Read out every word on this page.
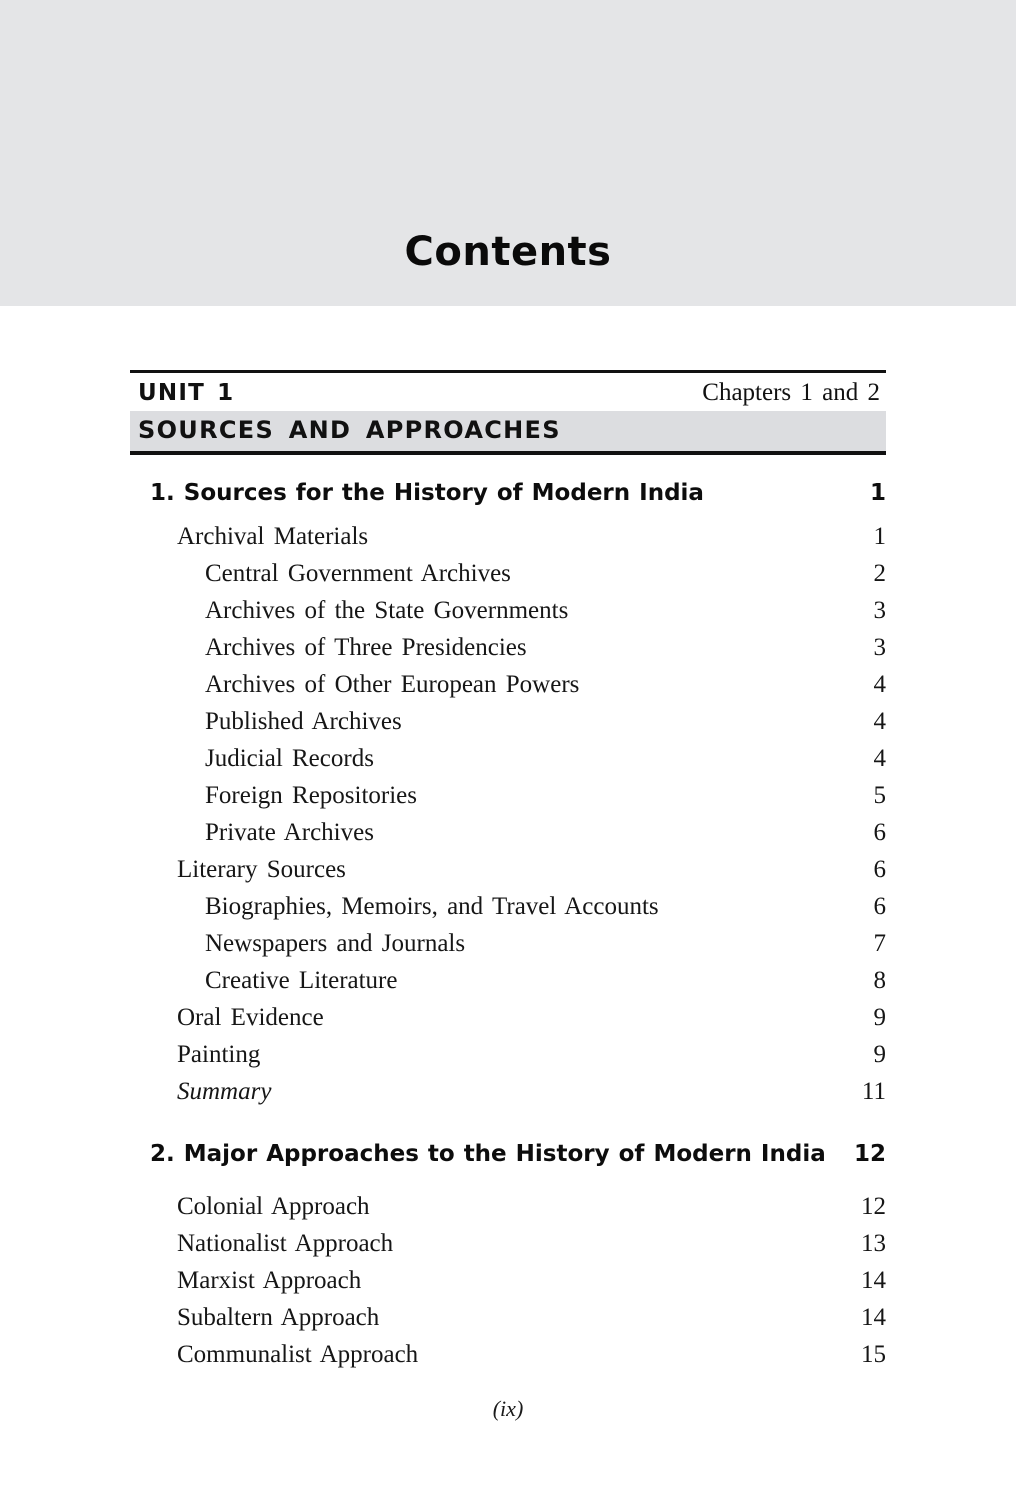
Contents
UNIT 1	Chapters 1 and 2
SOURCES AND APPROACHES
1. Sources for the History of Modern India	1
Archival Materials	1
Central Government Archives	2
Archives of the State Governments	3
Archives of Three Presidencies	3
Archives of Other European Powers	4
Published Archives	4
Judicial Records	4
Foreign Repositories	5
Private Archives	6
Literary Sources	6
Biographies, Memoirs, and Travel Accounts	6
Newspapers and Journals	7
Creative Literature	8
Oral Evidence	9
Painting	9
Summary	11
2. Major Approaches to the History of Modern India	12
Colonial Approach	12
Nationalist Approach	13
Marxist Approach	14
Subaltern Approach	14
Communalist Approach	15
(ix)
